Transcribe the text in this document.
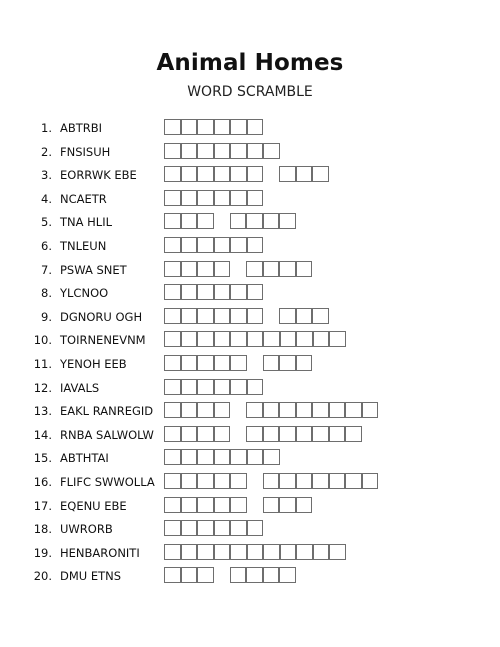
Animal Homes
WORD SCRAMBLE
1. ABTRBI
2. FNSISUH
3. EORRWK EBE
4. NCAETR
5. TNA HLIL
6. TNLEUN
7. PSWA SNET
8. YLCNOO
9. DGNORU OGH
10. TOIRNENEVNM
11. YENOH EEB
12. IAVALS
13. EAKL RANREGID
14. RNBA SALWOLW
15. ABTHTAI
16. FLIFC SWWOLLA
17. EQENU EBE
18. UWRORB
19. HENBARONITI
20. DMU ETNS
